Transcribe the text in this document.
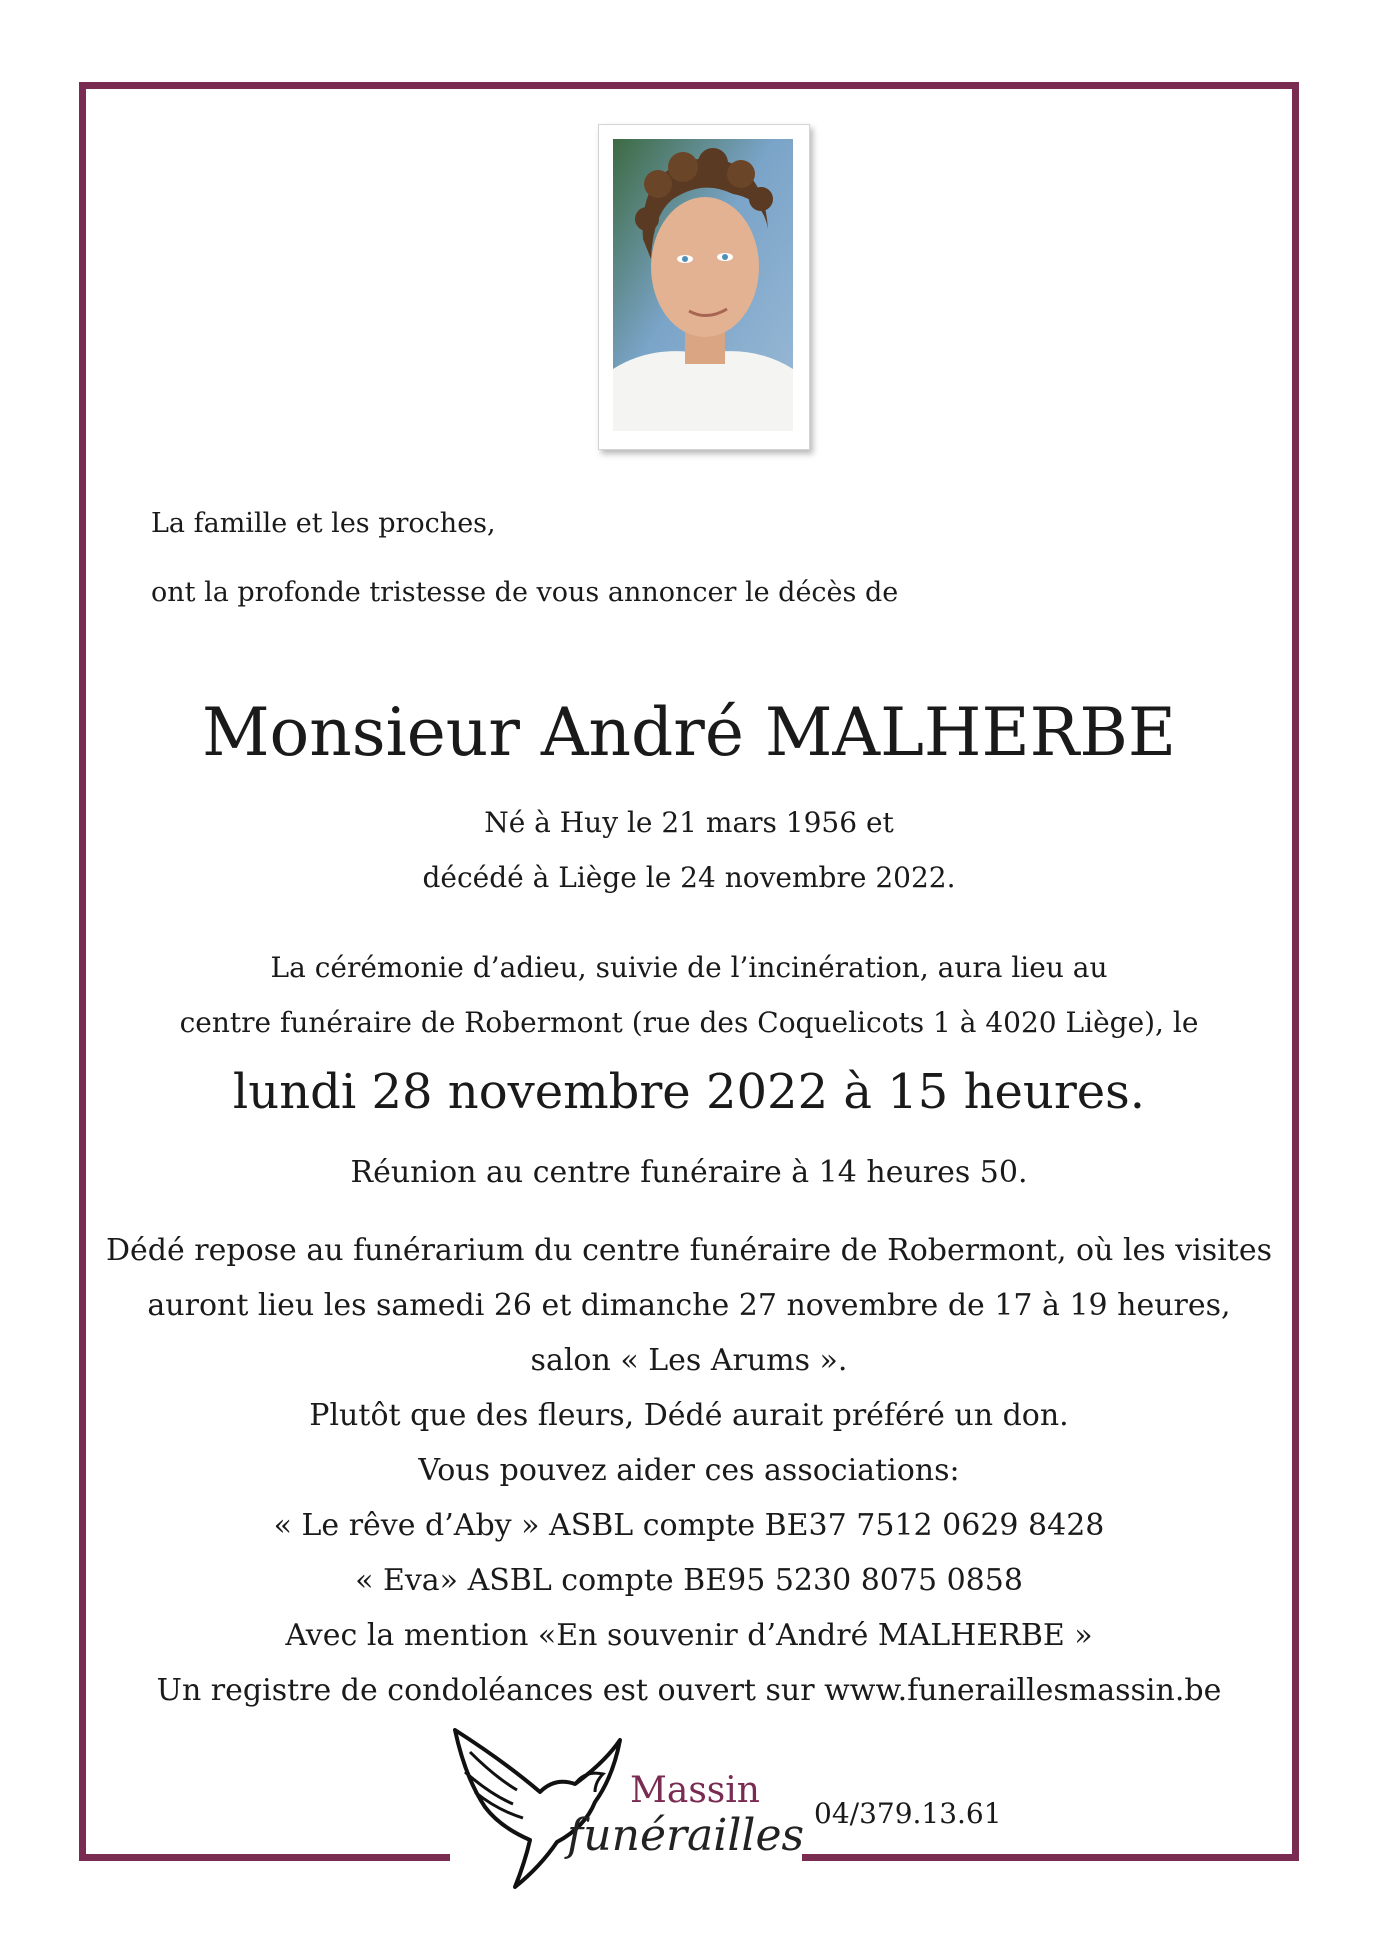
La famille et les proches,
ont la profonde tristesse de vous annoncer le décès de
Monsieur André MALHERBE
Né à Huy le 21 mars 1956 et
décédé à Liège le 24 novembre 2022.
La cérémonie d’adieu, suivie de l’incinération, aura lieu au
centre funéraire de Robermont (rue des Coquelicots 1 à 4020 Liège), le
lundi 28 novembre 2022 à 15 heures.
Réunion au centre funéraire à 14 heures 50.
Dédé repose au funérarium du centre funéraire de Robermont, où les visites
auront lieu les samedi 26 et dimanche 27 novembre de 17 à 19 heures,
salon « Les Arums ».
Plutôt que des fleurs, Dédé aurait préféré un don.
Vous pouvez aider ces associations:
« Le rêve d’Aby » ASBL compte BE37 7512 0629 8428
« Eva» ASBL compte BE95 5230 8075 0858
Avec la mention «En souvenir d’André MALHERBE »
Un registre de condoléances est ouvert sur www.funeraillesmassin.be
Massin
funérailles 04/379.13.61
